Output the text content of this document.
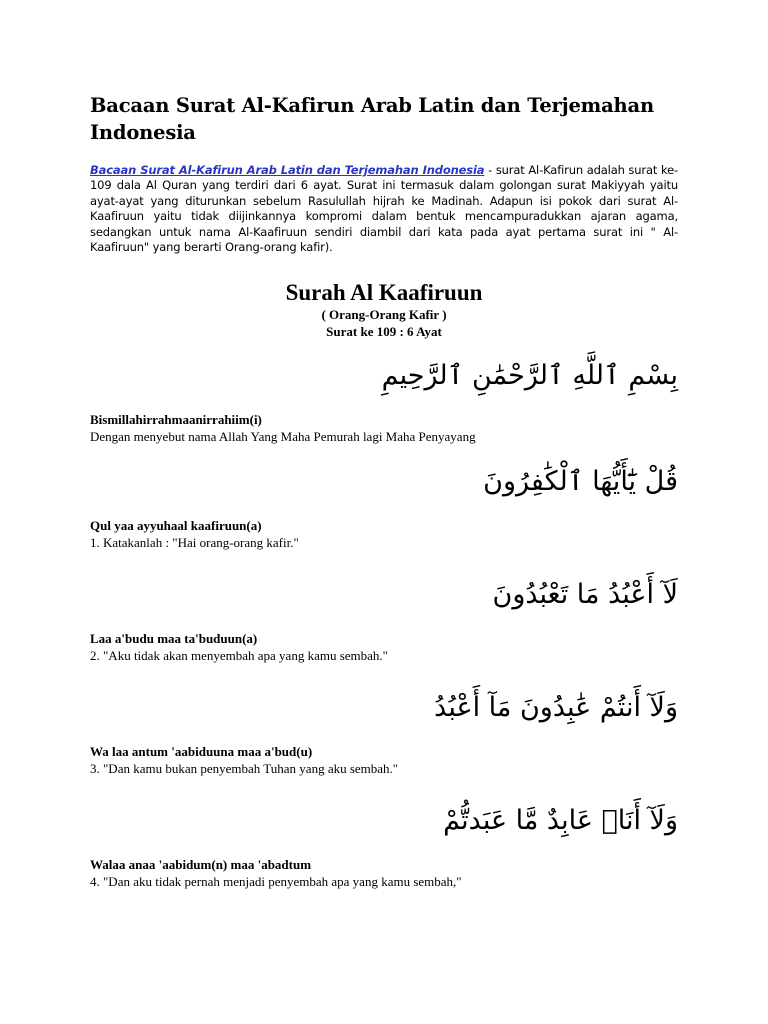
Bacaan Surat Al-Kafirun Arab Latin dan Terjemahan Indonesia

Bacaan Surat Al-Kafirun Arab Latin dan Terjemahan Indonesia - surat Al-Kafirun adalah surat ke-109 dala Al Quran yang terdiri dari 6 ayat. Surat ini termasuk dalam golongan surat Makiyyah yaitu ayat-ayat yang diturunkan sebelum Rasulullah hijrah ke Madinah. Adapun isi pokok dari surat Al-Kaafiruun yaitu tidak diijinkannya kompromi dalam bentuk mencampuradukkan ajaran agama, sedangkan untuk nama Al-Kaafiruun sendiri diambil dari kata pada ayat pertama surat ini " Al-Kaafiruun" yang berarti Orang-orang kafir).

Surah Al Kaafiruun
( Orang-Orang Kafir )
Surat ke 109 : 6 Ayat
بِسْمِ ٱللَّهِ ٱلرَّحْمَٰنِ ٱلرَّحِيمِ
Bismillahirrahmaanirrahiim(i)
Dengan menyebut nama Allah Yang Maha Pemurah lagi Maha Penyayang
قُلْ يَٰٓأَيُّهَا ٱلْكَٰفِرُونَ
Qul yaa ayyuhaal kaafiruun(a)
1. Katakanlah : "Hai orang-orang kafir."
لَآ أَعْبُدُ مَا تَعْبُدُونَ
Laa a'budu maa ta'buduun(a)
2. "Aku tidak akan menyembah apa yang kamu sembah."
وَلَآ أَنتُمْ عَٰبِدُونَ مَآ أَعْبُدُ
Wa laa antum 'aabiduuna maa a'bud(u)
3. "Dan kamu bukan penyembah Tuhan yang aku sembah."
وَلَآ أَنَا۠ عَابِدٌ مَّا عَبَدتُّمْ
Walaa anaa 'aabidum(n) maa 'abadtum
4. "Dan aku tidak pernah menjadi penyembah apa yang kamu sembah,"
